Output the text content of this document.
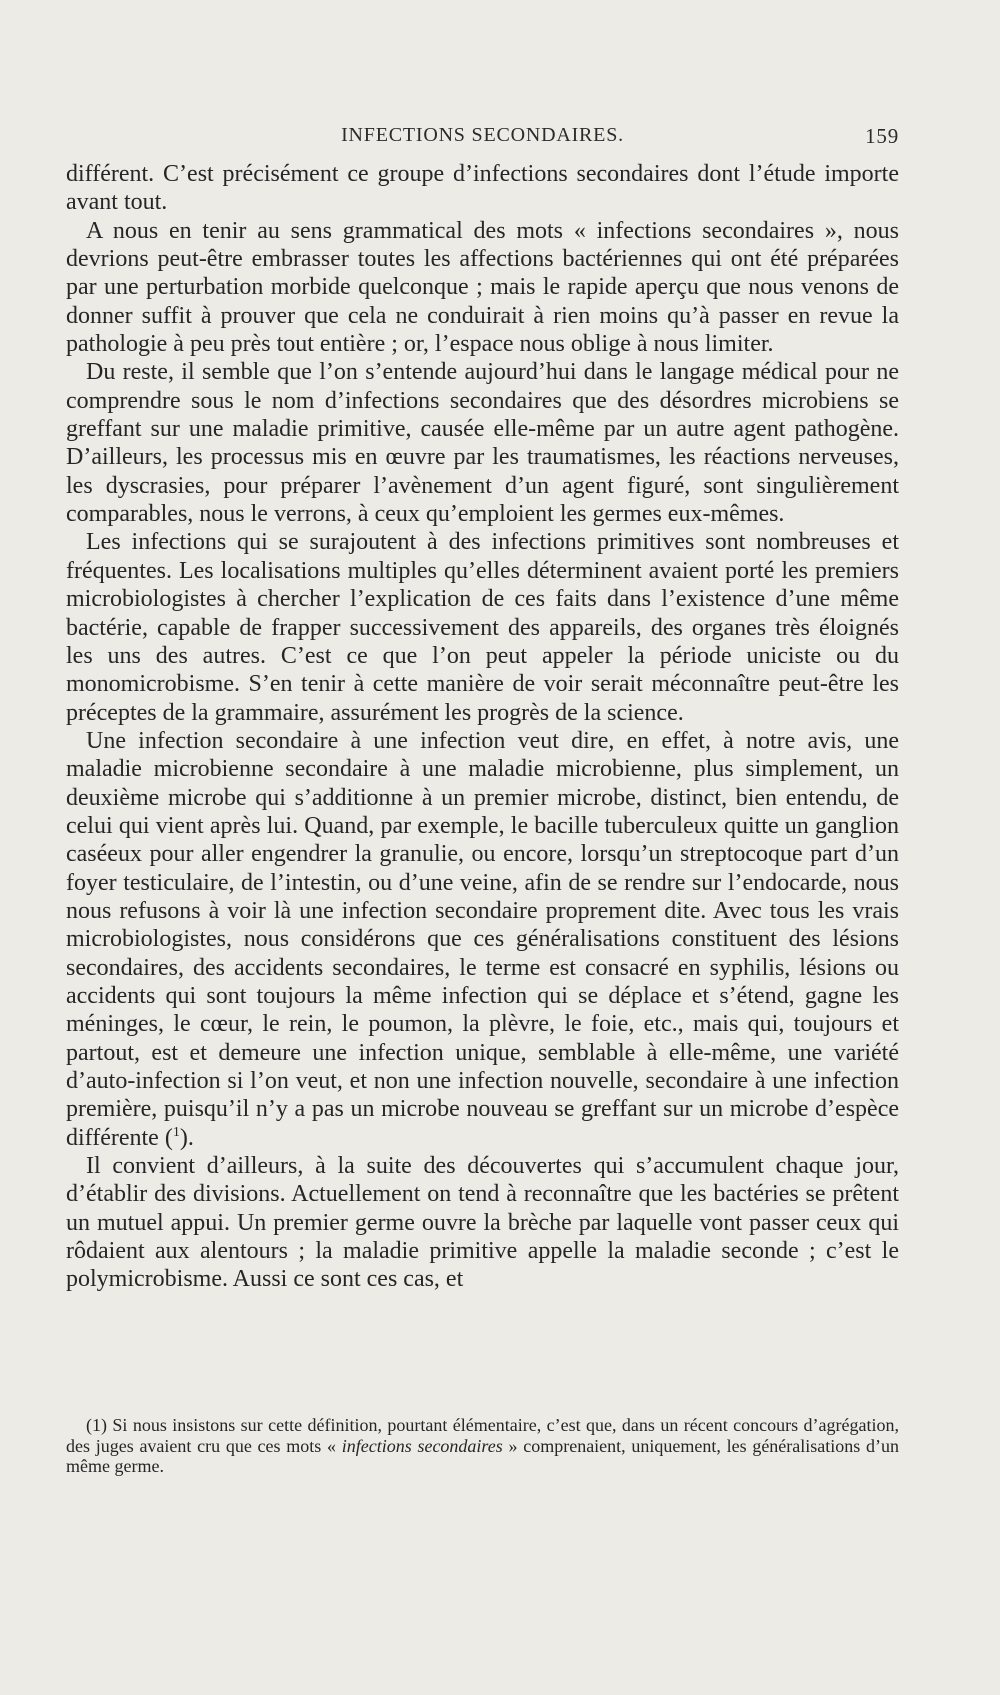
INFECTIONS SECONDAIRES.	159

différent. C’est précisément ce groupe d’infections secondaires dont l’étude importe avant tout.

A nous en tenir au sens grammatical des mots « infections secondaires », nous devrions peut-être embrasser toutes les affections bactériennes qui ont été préparées par une perturbation morbide quelconque ; mais le rapide aperçu que nous venons de donner suffit à prouver que cela ne conduirait à rien moins qu’à passer en revue la pathologie à peu près tout entière ; or, l’espace nous oblige à nous limiter.

Du reste, il semble que l’on s’entende aujourd’hui dans le langage médical pour ne comprendre sous le nom d’infections secondaires que des désordres microbiens se greffant sur une maladie primitive, causée elle-même par un autre agent pathogène. D’ailleurs, les processus mis en œuvre par les traumatismes, les réactions nerveuses, les dyscrasies, pour préparer l’avènement d’un agent figuré, sont singulièrement comparables, nous le verrons, à ceux qu’emploient les germes eux-mêmes.

Les infections qui se surajoutent à des infections primitives sont nombreuses et fréquentes. Les localisations multiples qu’elles déterminent avaient porté les premiers microbiologistes à chercher l’explication de ces faits dans l’existence d’une même bactérie, capable de frapper successivement des appareils, des organes très éloignés les uns des autres. C’est ce que l’on peut appeler la période uniciste ou du monomicrobisme. S’en tenir à cette manière de voir serait méconnaître peut-être les préceptes de la grammaire, assurément les progrès de la science.

Une infection secondaire à une infection veut dire, en effet, à notre avis, une maladie microbienne secondaire à une maladie microbienne, plus simplement, un deuxième microbe qui s’additionne à un premier microbe, distinct, bien entendu, de celui qui vient après lui. Quand, par exemple, le bacille tuberculeux quitte un ganglion caséeux pour aller engendrer la granulie, ou encore, lorsqu’un streptocoque part d’un foyer testiculaire, de l’intestin, ou d’une veine, afin de se rendre sur l’endocarde, nous nous refusons à voir là une infection secondaire proprement dite. Avec tous les vrais microbiologistes, nous considérons que ces généralisations constituent des lésions secondaires, des accidents secondaires, le terme est consacré en syphilis, lésions ou accidents qui sont toujours la même infection qui se déplace et s’étend, gagne les méninges, le cœur, le rein, le poumon, la plèvre, le foie, etc., mais qui, toujours et partout, est et demeure une infection unique, semblable à elle-même, une variété d’auto-infection si l’on veut, et non une infection nouvelle, secondaire à une infection première, puisqu’il n’y a pas un microbe nouveau se greffant sur un microbe d’espèce différente ($^1$).

Il convient d’ailleurs, à la suite des découvertes qui s’accumulent chaque jour, d’établir des divisions. Actuellement on tend à reconnaître que les bactéries se prêtent un mutuel appui. Un premier germe ouvre la brèche par laquelle vont passer ceux qui rôdaient aux alentours ; la maladie primitive appelle la maladie seconde ; c’est le polymicrobisme. Aussi ce sont ces cas, et

(1) Si nous insistons sur cette définition, pourtant élémentaire, c’est que, dans un récent concours d’agrégation, des juges avaient cru que ces mots « infections secondaires » comprenaient, uniquement, les généralisations d’un même germe.
